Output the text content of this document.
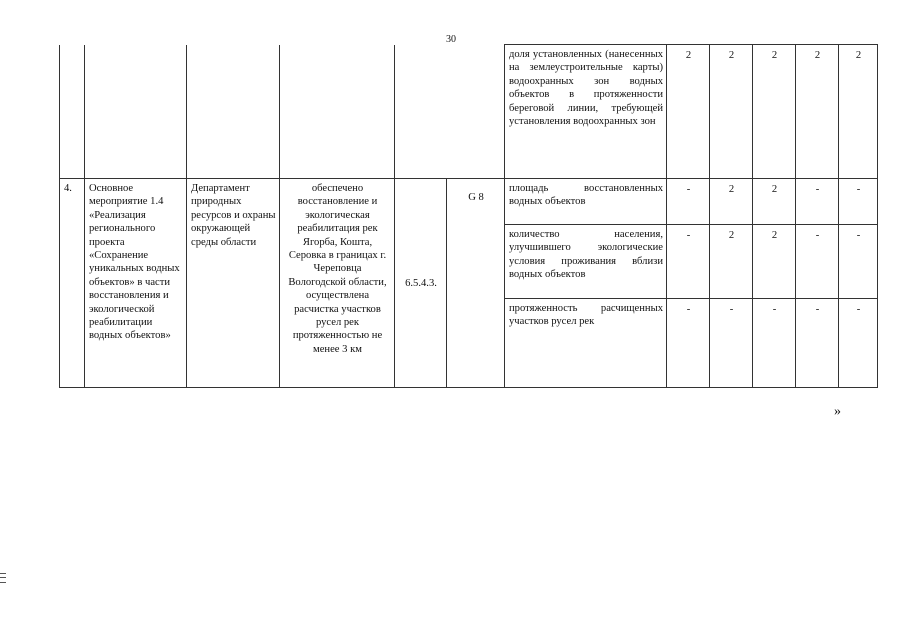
30
						доля установленных (нанесенных на землеустроительные карты) водоохранных зон водных объектов в протяженности береговой линии, требующей установления водоохранных зон	2	2	2	2	2
4.	Основное мероприятие 1.4 «Реализация регионального проекта «Сохранение уникальных водных объектов» в части восстановления и экологической реабилитации водных объектов»	Департамент природных ресурсов и охраны окружающей среды области	обеспечено восстановление и экологическая реабилитация рек Ягорба, Кошта, Серовка в границах г. Череповца Вологодской области, осуществлена расчистка участков русел рек протяженностью не менее 3 км	6.5.4.3.	G 8	площадь восстановленных водных объектов	-	2	2	-	-
						количество населения, улучшившего экологические условия проживания вблизи водных объектов	-	2	2	-	-
						протяженность расчищенных участков русел рек	-	-	-	-	-
»
